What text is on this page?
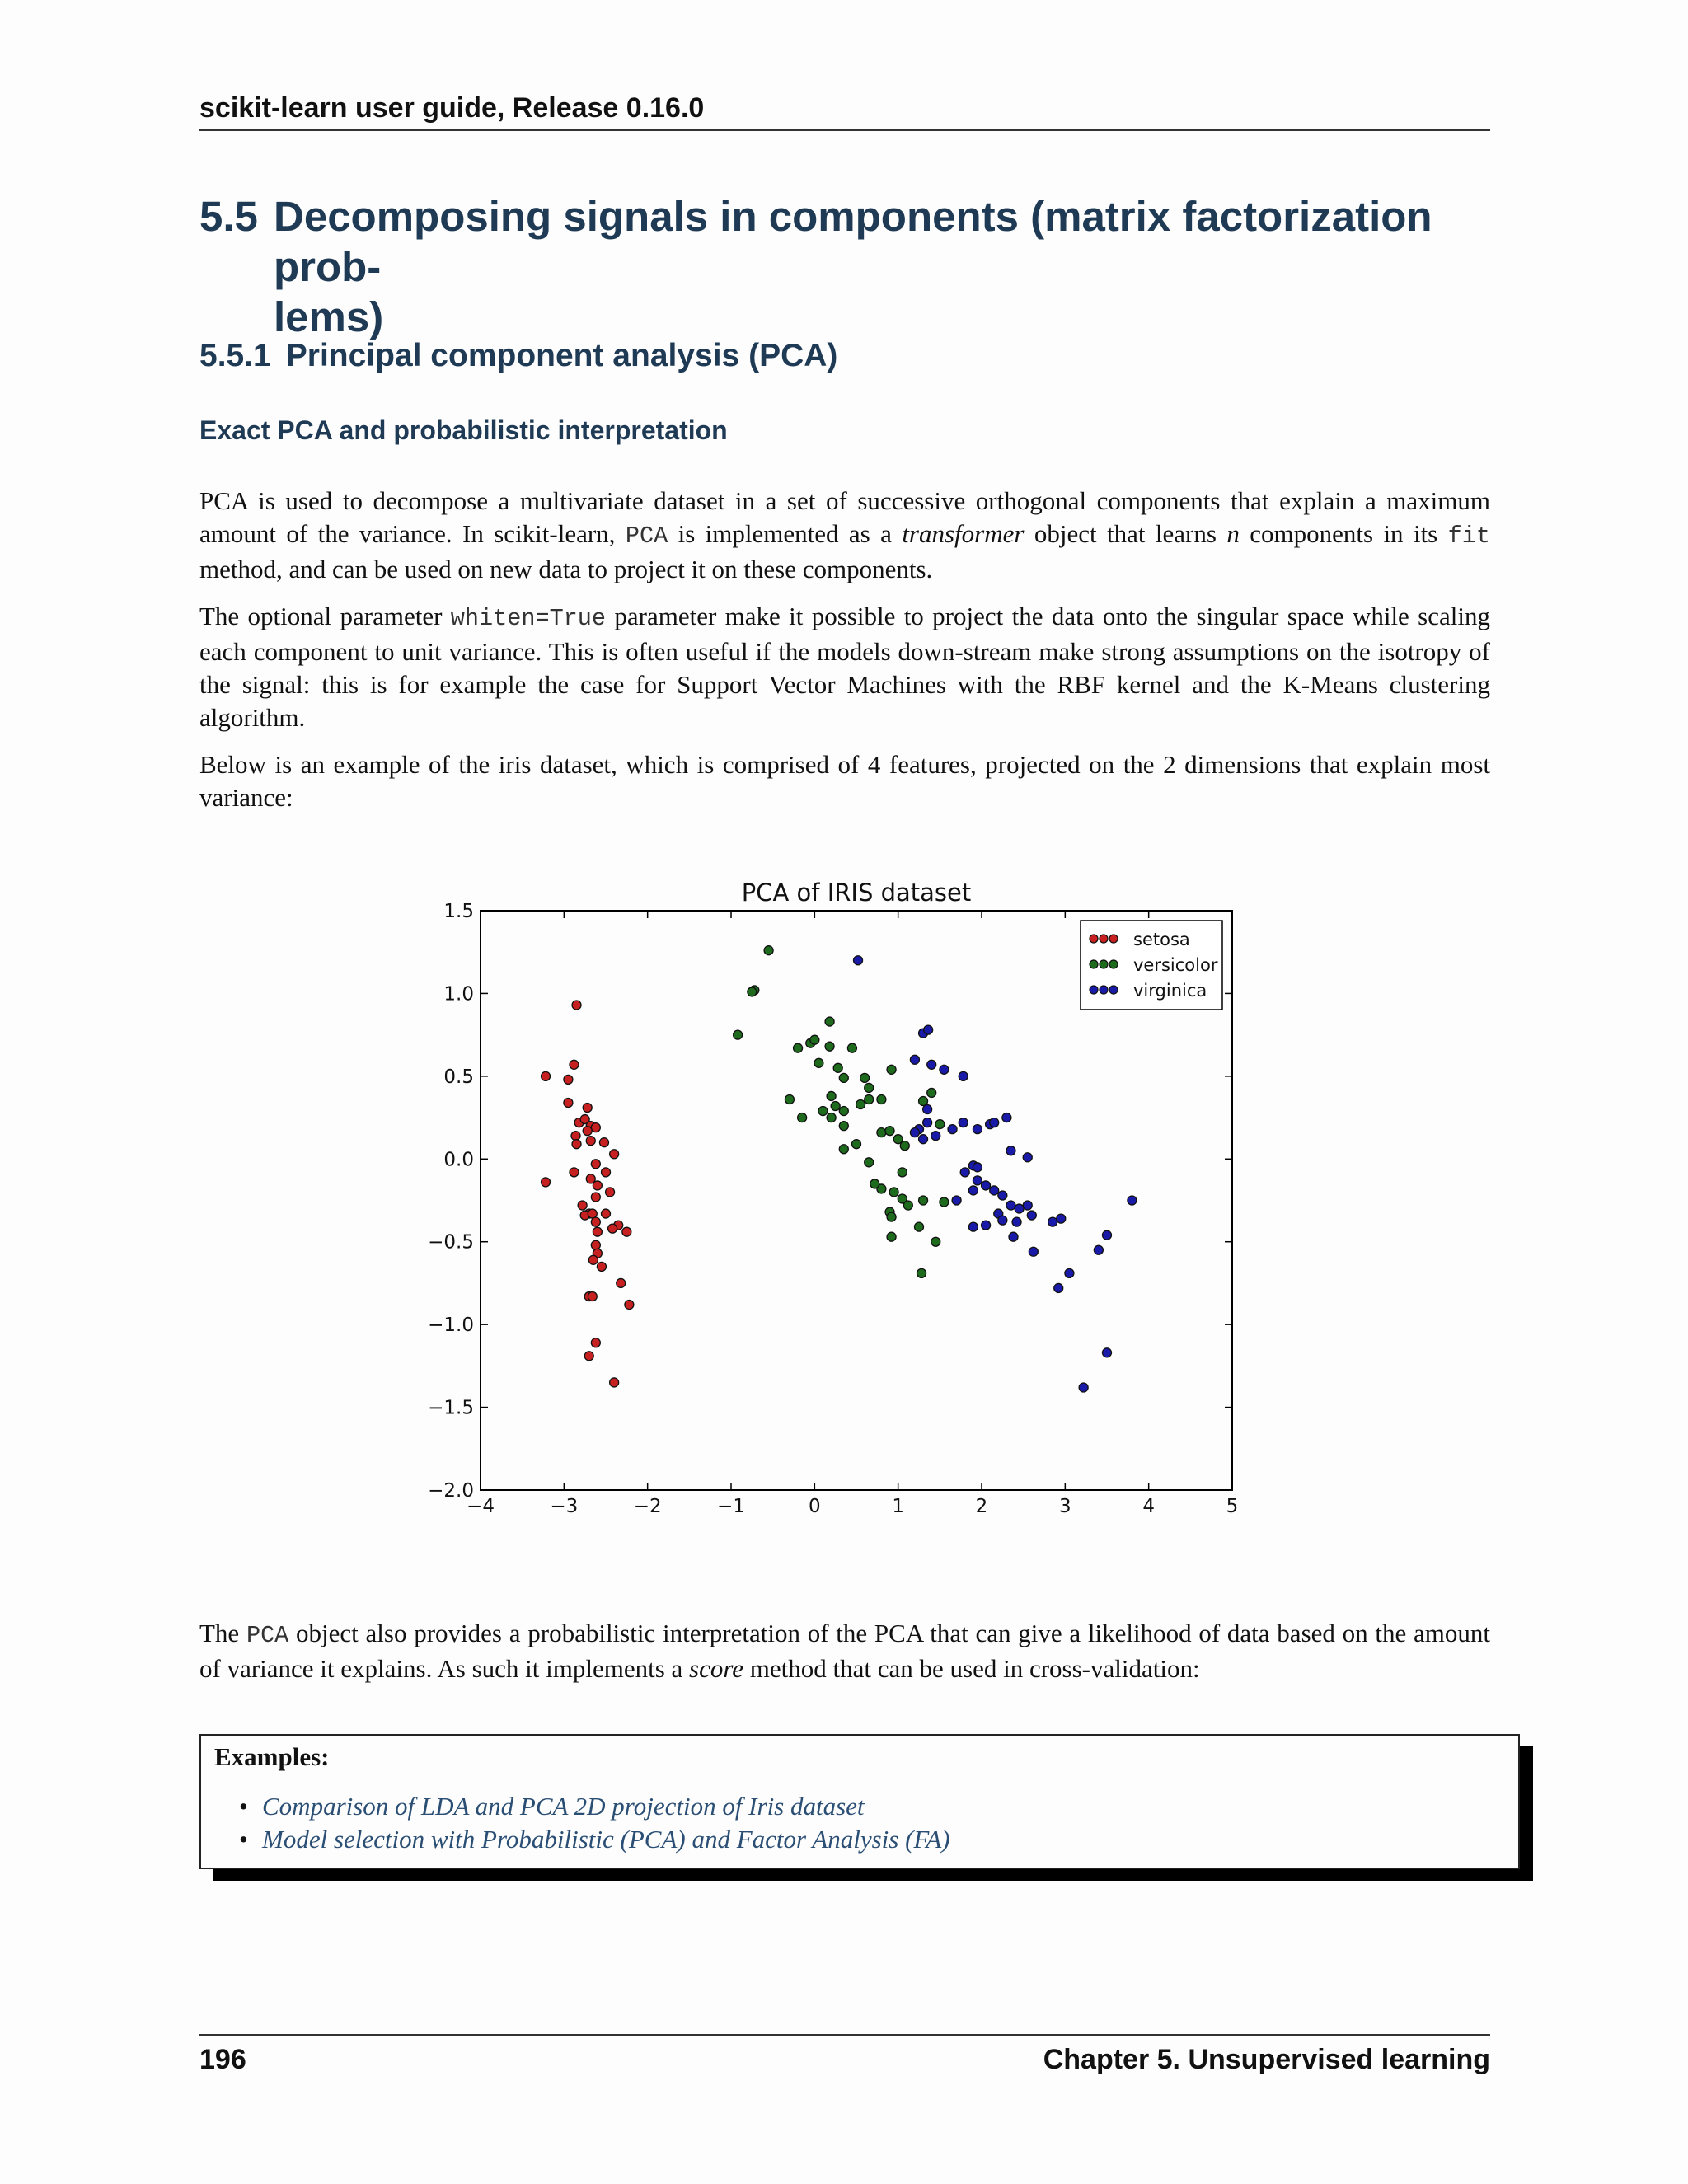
scikit-learn user guide, Release 0.16.0
5.5 Decomposing signals in components (matrix factorization prob-
lems)
5.5.1 Principal component analysis (PCA)
Exact PCA and probabilistic interpretation
PCA is used to decompose a multivariate dataset in a set of successive orthogonal components that explain a maximum amount of the variance. In scikit-learn, PCA is implemented as a transformer object that learns n components in its fit method, and can be used on new data to project it on these components.
The optional parameter whiten=True parameter make it possible to project the data onto the singular space while scaling each component to unit variance. This is often useful if the models down-stream make strong assumptions on the isotropy of the signal: this is for example the case for Support Vector Machines with the RBF kernel and the K-Means clustering algorithm.
Below is an example of the iris dataset, which is comprised of 4 features, projected on the 2 dimensions that explain most variance:
PCA of IRIS dataset
−4	−3	−2	−1	0	1	2	3	4	5
−2.0
−1.5
−1.0
−0.5
0.0
0.5
1.0
1.5
setosa
versicolor
virginica
The PCA object also provides a probabilistic interpretation of the PCA that can give a likelihood of data based on the amount of variance it explains. As such it implements a score method that can be used in cross-validation:
Examples:
• Comparison of LDA and PCA 2D projection of Iris dataset
• Model selection with Probabilistic (PCA) and Factor Analysis (FA)
196	Chapter 5. Unsupervised learning
